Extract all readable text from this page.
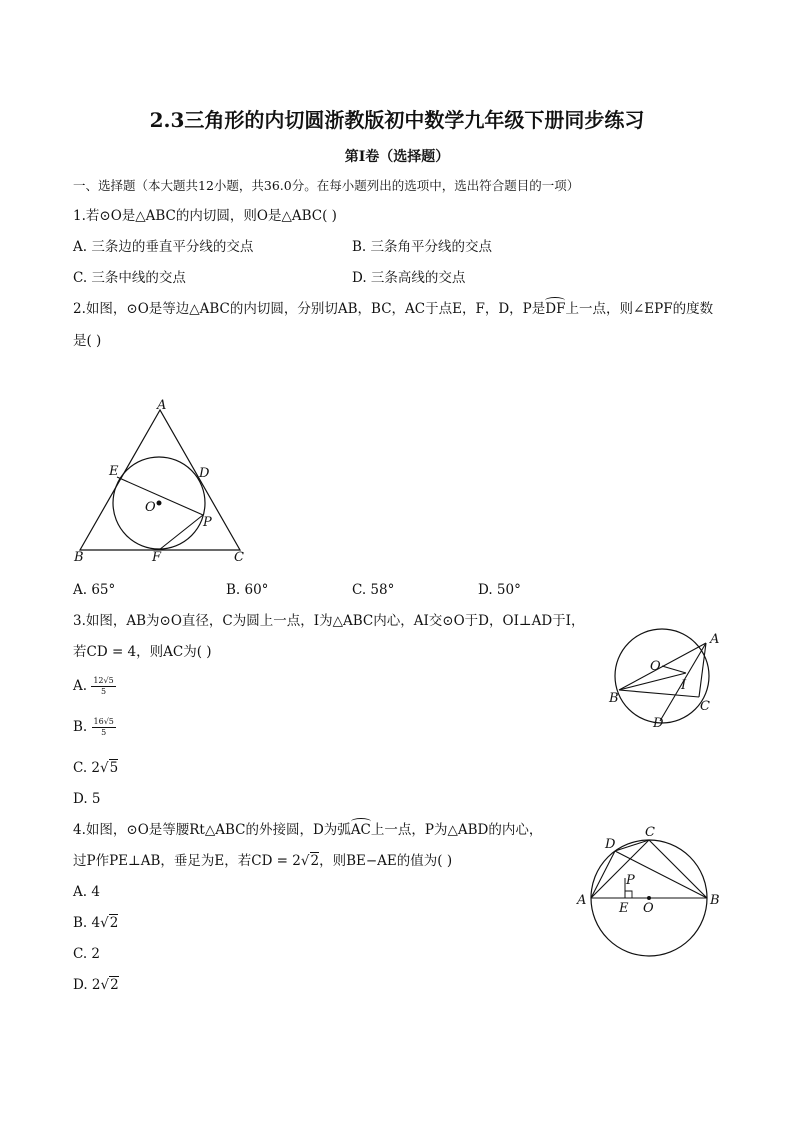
2.3三角形的内切圆浙教版初中数学九年级下册同步练习
第I卷（选择题）
一、选择题（本大题共12小题，共36.0分。在每小题列出的选项中，选出符合题目的一项）
1.若⊙O是△ABC的内切圆，则O是△ABC( )
A. 三条边的垂直平分线的交点	B. 三条角平分线的交点
C. 三条中线的交点	D. 三条高线的交点
2.如图，⊙O是等边△ABC的内切圆，分别切AB，BC，AC于点E，F，D，P是DF上一点，则∠EPF的度数
是( )
A
B	C
D
E
F
O
P
A. 65°	B. 60°	C. 58°	D. 50°
3.如图，AB为⊙O直径，C为圆上一点，I为△ABC内心，AI交⊙O于D，OI⊥AD于I，
若CD = 4，则AC为( )
A. $\frac{12√5}{5}$
B. $\frac{16√5}{5}$
C. 2√5
D. 5
A
B
C
D
O
I
4.如图，⊙O是等腰Rt△ABC的外接圆，D为弧AC上一点，P为△ABD的内心，
过P作PE⊥AB，垂足为E，若CD = 2√2，则BE−AE的值为( )
A. 4
B. 4√2
C. 2
D. 2√2
A	B
C
D
E O
P
